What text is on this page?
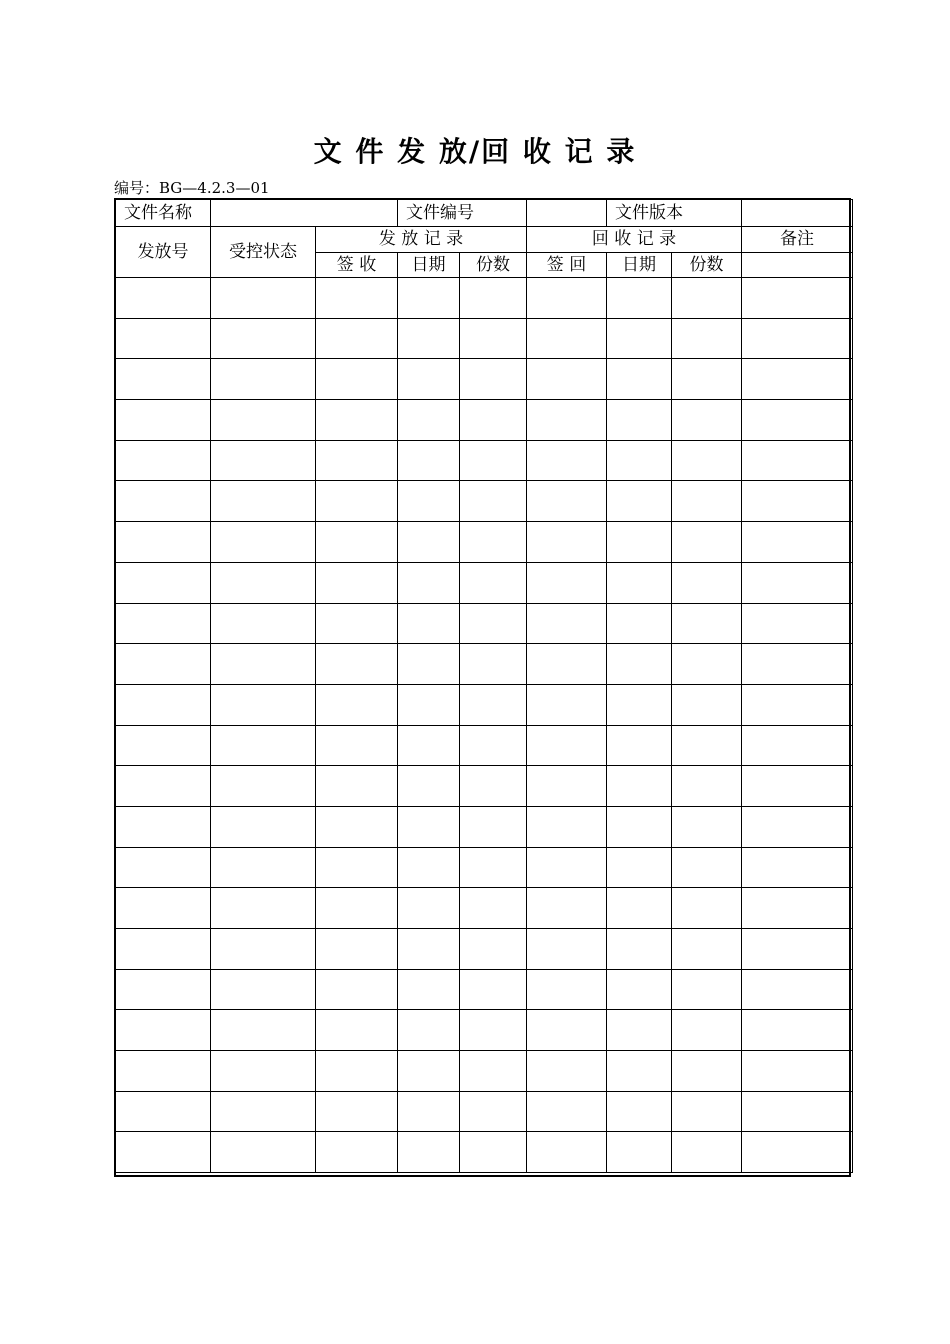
文 件 发 放/回 收 记 录
编号：BG—4.2.3—01
文件名称			文件编号			文件版本		
发放号	受控状态	发 放 记 录			回 收 记 录			备注
		签 收	日期	份数	签 回	日期	份数	
